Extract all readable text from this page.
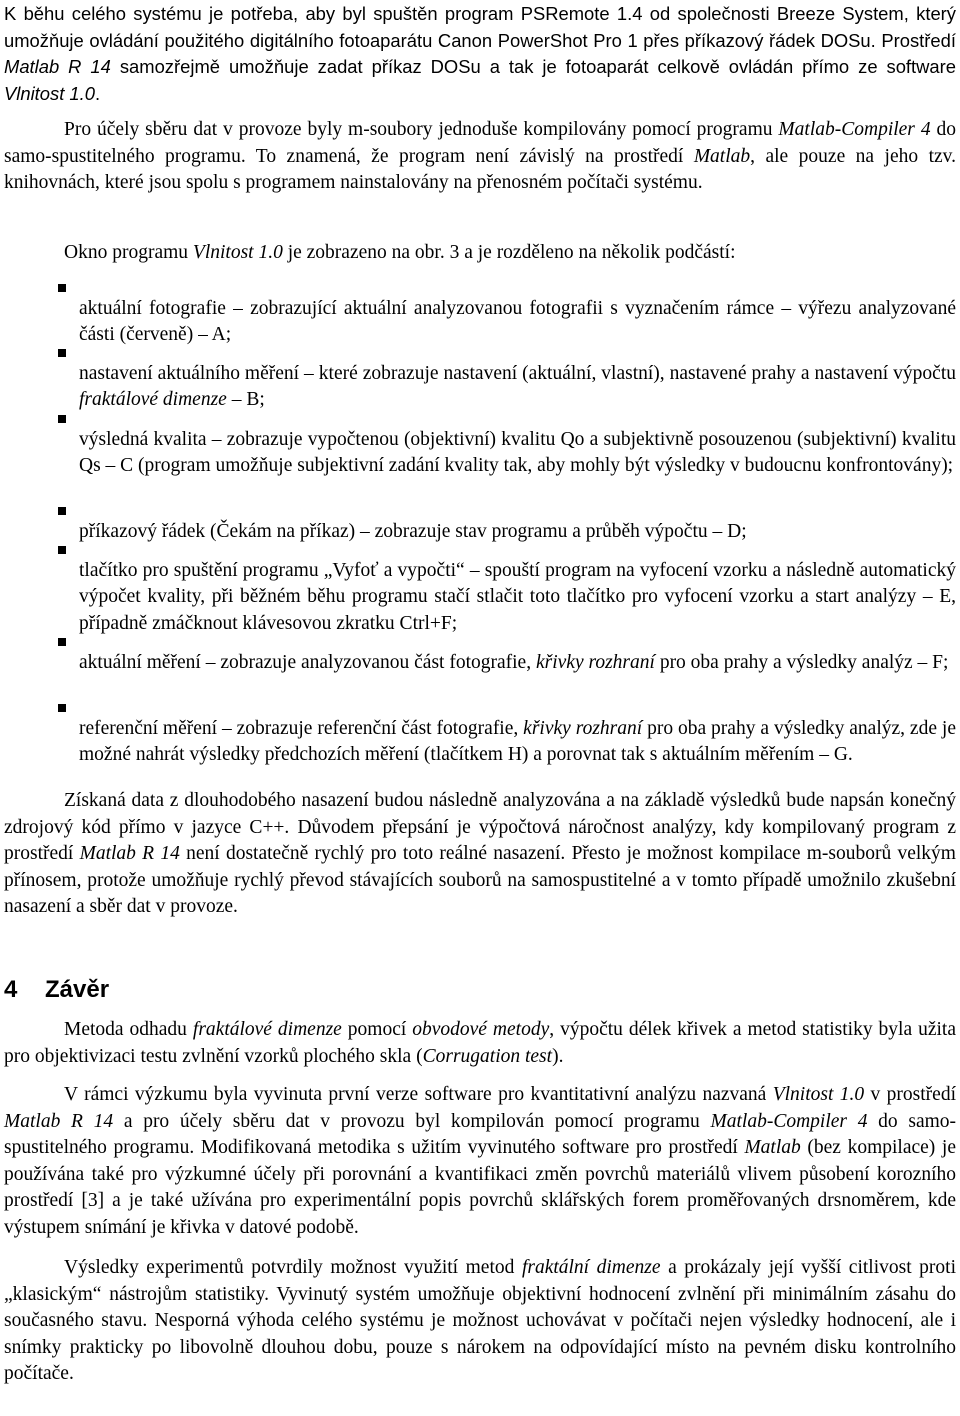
K běhu celého systému je potřeba, aby byl spuštěn program PSRemote 1.4 od společnosti Breeze System, který umožňuje ovládání použitého digitálního fotoaparátu Canon PowerShot Pro 1 přes příkazový řádek DOSu. Prostředí Matlab R 14 samozřejmě umožňuje zadat příkaz DOSu a tak je fotoaparát celkově ovládán přímo ze software Vlnitost 1.0.

Pro účely sběru dat v provoze byly m-soubory jednoduše kompilovány pomocí programu Matlab-Compiler 4 do samo-spustitelného programu. To znamená, že program není závislý na prostředí Matlab, ale pouze na jeho tzv. knihovnách, které jsou spolu s programem nainstalovány na přenosném počítači systému.

Okno programu Vlnitost 1.0 je zobrazeno na obr. 3 a je rozděleno na několik podčástí:

aktuální fotografie – zobrazující aktuální analyzovanou fotografii s vyznačením rámce – výřezu analyzované části (červeně) – A;

nastavení aktuálního měření – které zobrazuje nastavení (aktuální, vlastní), nastavené prahy a nastavení výpočtu fraktálové dimenze – B;

výsledná kvalita – zobrazuje vypočtenou (objektivní) kvalitu Qo a subjektivně posouzenou (subjektivní) kvalitu Qs – C (program umožňuje subjektivní zadání kvality tak, aby mohly být výsledky v budoucnu konfrontovány);

příkazový řádek (Čekám na příkaz) – zobrazuje stav programu a průběh výpočtu – D;

tlačítko pro spuštění programu „Vyfoť a vypočti“ – spouští program na vyfocení vzorku a následně automatický výpočet kvality, při běžném běhu programu stačí stlačit toto tlačítko pro vyfocení vzorku a start analýzy – E, případně zmáčknout klávesovou zkratku Ctrl+F;

aktuální měření – zobrazuje analyzovanou část fotografie, křivky rozhraní pro oba prahy a výsledky analýz – F;

referenční měření – zobrazuje referenční část fotografie, křivky rozhraní pro oba prahy a výsledky analýz, zde je možné nahrát výsledky předchozích měření (tlačítkem H) a porovnat tak s aktuálním měřením – G.

Získaná data z dlouhodobého nasazení budou následně analyzována a na základě výsledků bude napsán konečný zdrojový kód přímo v jazyce C++. Důvodem přepsání je výpočtová náročnost analýzy, kdy kompilovaný program z prostředí Matlab R 14 není dostatečně rychlý pro toto reálné nasazení. Přesto je možnost kompilace m-souborů velkým přínosem, protože umožňuje rychlý převod stávajících souborů na samospustitelné a v tomto případě umožnilo zkušební nasazení a sběr dat v provoze.

4 Závěr

Metoda odhadu fraktálové dimenze pomocí obvodové metody, výpočtu délek křivek a metod statistiky byla užita pro objektivizaci testu zvlnění vzorků plochého skla (Corrugation test).

V rámci výzkumu byla vyvinuta první verze software pro kvantitativní analýzu nazvaná Vlnitost 1.0 v prostředí Matlab R 14 a pro účely sběru dat v provozu byl kompilován pomocí programu Matlab-Compiler 4 do samo-spustitelného programu. Modifikovaná metodika s užitím vyvinutého software pro prostředí Matlab (bez kompilace) je používána také pro výzkumné účely při porovnání a kvantifikaci změn povrchů materiálů vlivem působení korozního prostředí [3] a je také užívána pro experimentální popis povrchů sklářských forem proměřovaných drsnoměrem, kde výstupem snímání je křivka v datové podobě.

Výsledky experimentů potvrdily možnost využití metod fraktální dimenze a prokázaly její vyšší citlivost proti „klasickým“ nástrojům statistiky. Vyvinutý systém umožňuje objektivní hodnocení zvlnění při minimálním zásahu do současného stavu. Nesporná výhoda celého systému je možnost uchovávat v počítači nejen výsledky hodnocení, ale i snímky prakticky po libovolně dlouhou dobu, pouze s nárokem na odpovídající místo na pevném disku kontrolního počítače.
